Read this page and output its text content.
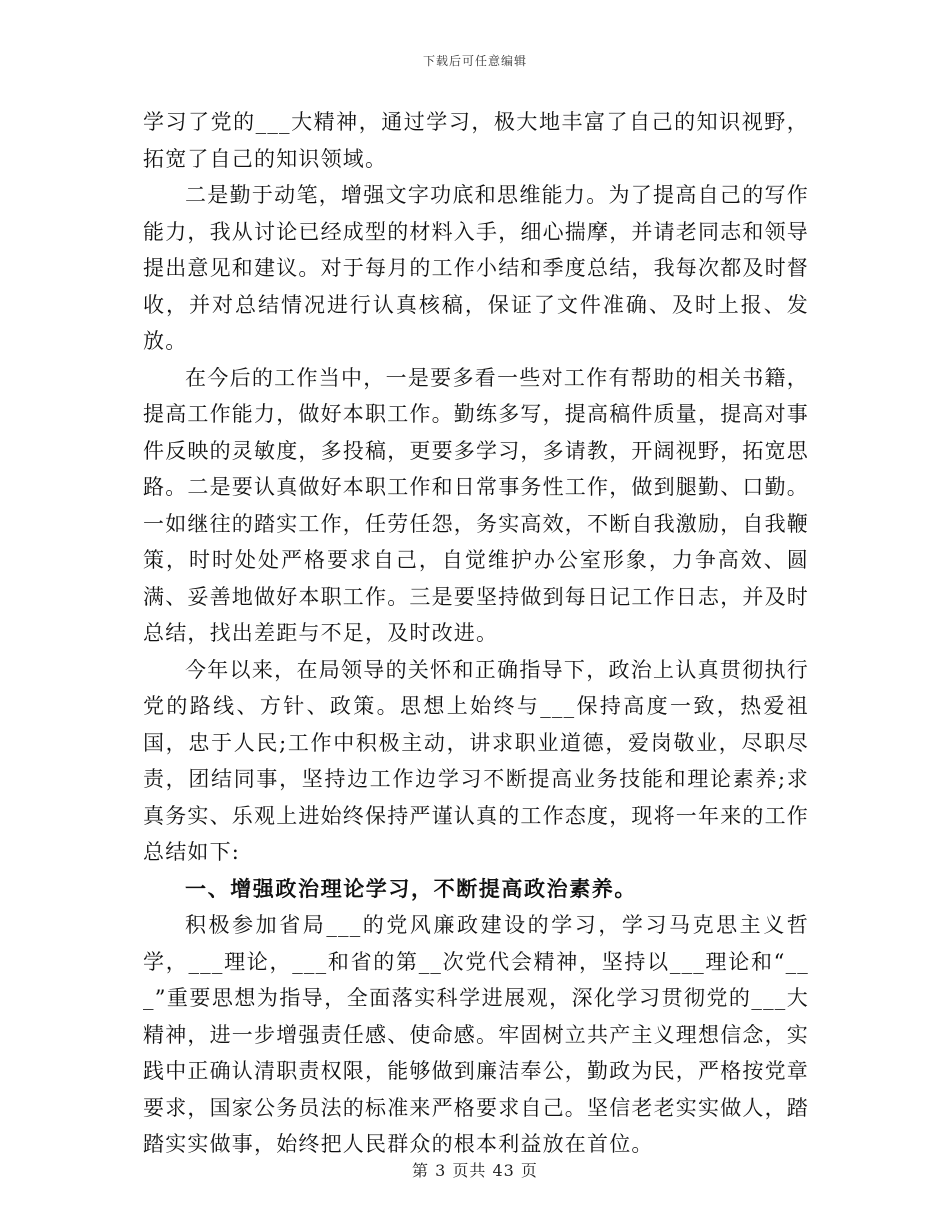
下载后可任意编辑

学习了党的___大精神，通过学习，极大地丰富了自己的知识视野，拓宽了自己的知识领域。

二是勤于动笔，增强文字功底和思维能力。为了提高自己的写作能力，我从讨论已经成型的材料入手，细心揣摩，并请老同志和领导提出意见和建议。对于每月的工作小结和季度总结，我每次都及时督收，并对总结情况进行认真核稿，保证了文件准确、及时上报、发放。

在今后的工作当中，一是要多看一些对工作有帮助的相关书籍，提高工作能力，做好本职工作。勤练多写，提高稿件质量，提高对事件反映的灵敏度，多投稿，更要多学习，多请教，开阔视野，拓宽思路。二是要认真做好本职工作和日常事务性工作，做到腿勤、口勤。一如继往的踏实工作，任劳任怨，务实高效，不断自我激励，自我鞭策，时时处处严格要求自己，自觉维护办公室形象，力争高效、圆满、妥善地做好本职工作。三是要坚持做到每日记工作日志，并及时总结，找出差距与不足，及时改进。

今年以来，在局领导的关怀和正确指导下，政治上认真贯彻执行党的路线、方针、政策。思想上始终与___保持高度一致，热爱祖国，忠于人民;工作中积极主动，讲求职业道德，爱岗敬业，尽职尽责，团结同事，坚持边工作边学习不断提高业务技能和理论素养;求真务实、乐观上进始终保持严谨认真的工作态度，现将一年来的工作总结如下:

一、增强政治理论学习，不断提高政治素养。

积极参加省局___的党风廉政建设的学习，学习马克思主义哲学，___理论，___和省的第__次党代会精神，坚持以___理论和“___”重要思想为指导，全面落实科学进展观，深化学习贯彻党的___大精神，进一步增强责任感、使命感。牢固树立共产主义理想信念，实践中正确认清职责权限，能够做到廉洁奉公，勤政为民，严格按党章要求，国家公务员法的标准来严格要求自己。坚信老老实实做人，踏踏实实做事，始终把人民群众的根本利益放在首位。

第 3 页共 43 页
